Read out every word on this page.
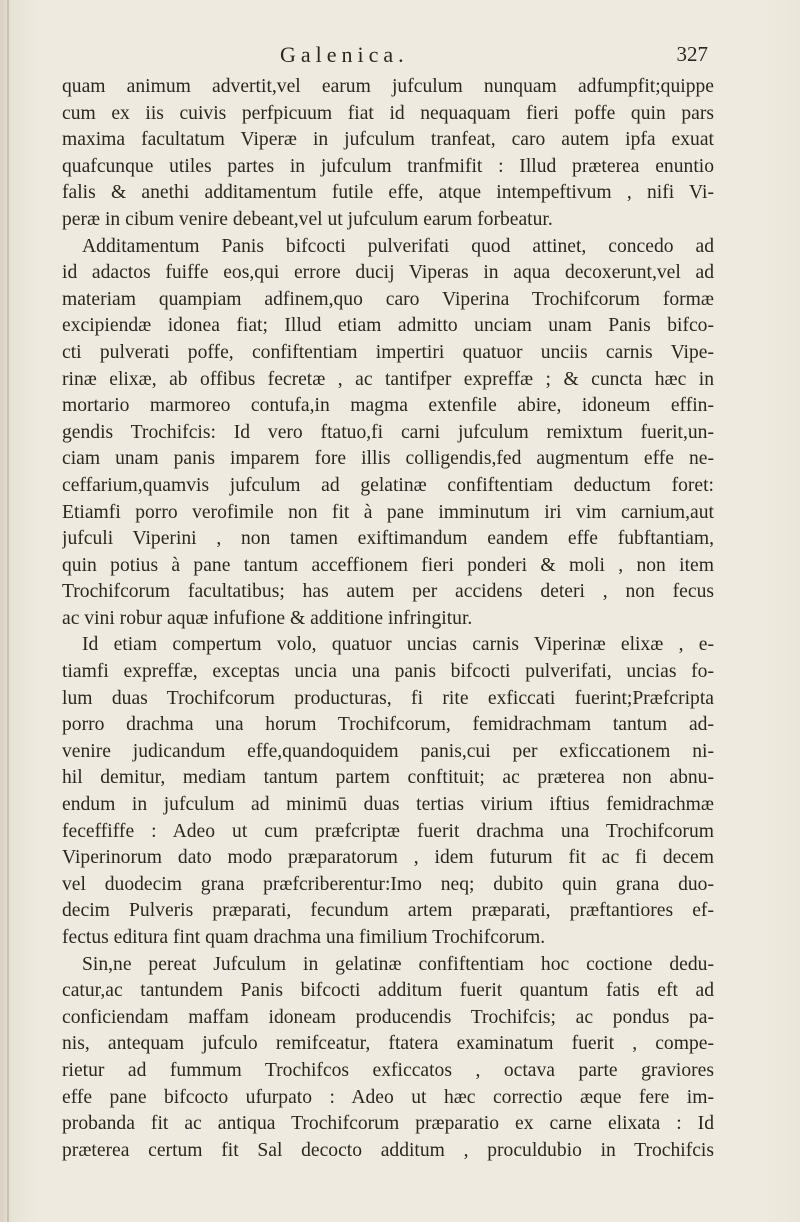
Galenica.	327
quam animum advertit,vel earum jufculum nunquam adfumpfit;quippe
cum ex iis cuivis perfpicuum fiat id nequaquam fieri poffe quin pars
maxima facultatum Viperæ in jufculum tranfeat, caro autem ipfa exuat
quafcunque utiles partes in jufculum tranfmifit : Illud præterea enuntio
falis & anethi additamentum futile effe, atque intempeftivum , nifi Vi-
peræ in cibum venire debeant,vel ut jufculum earum forbeatur.
Additamentum Panis bifcocti pulverifati quod attinet, concedo ad
id adactos fuiffe eos,qui errore ducij Viperas in aqua decoxerunt,vel ad
materiam quampiam adfinem,quo caro Viperina Trochifcorum formæ
excipiendæ idonea fiat; Illud etiam admitto unciam unam Panis bifco-
cti pulverati poffe, confiftentiam impertiri quatuor unciis carnis Vipe-
rinæ elixæ, ab offibus fecretæ , ac tantifper expreffæ ; & cuncta hæc in
mortario marmoreo contufa,in magma extenfile abire, idoneum effin-
gendis Trochifcis: Id vero ftatuo,fi carni jufculum remixtum fuerit,un-
ciam unam panis imparem fore illis colligendis,fed augmentum effe ne-
ceffarium,quamvis jufculum ad gelatinæ confiftentiam deductum foret:
Etiamfi porro verofimile non fit à pane imminutum iri vim carnium,aut
jufculi Viperini , non tamen exiftimandum eandem effe fubftantiam,
quin potius à pane tantum acceffionem fieri ponderi & moli , non item
Trochifcorum facultatibus; has autem per accidens deteri , non fecus
ac vini robur aquæ infufione & additione infringitur.
Id etiam compertum volo, quatuor uncias carnis Viperinæ elixæ , e-
tiamfi expreffæ, exceptas uncia una panis bifcocti pulverifati, uncias fo-
lum duas Trochifcorum producturas, fi rite exficcati fuerint;Præfcripta
porro drachma una horum Trochifcorum, femidrachmam tantum ad-
venire judicandum effe,quandoquidem panis,cui per exficcationem ni-
hil demitur, mediam tantum partem conftituit; ac prætereа non abnu-
endum in jufculum ad minimū duas tertias virium iftius femidrachmæ
feceffiffe : Adeo ut cum præfcriptæ fuerit drachma una Trochifcorum
Viperinorum dato modo præparatorum , idem futurum fit ac fi decem
vel duodecim grana præfcriberentur:Imo neq; dubito quin grana duo-
decim Pulveris præparati, fecundum artem præparati, præftantiores ef-
fectus editura fint quam drachma una fimilium Trochifcorum.
Sin,ne pereat Jufculum in gelatinæ confiftentiam hoc coctione dedu-
catur,ac tantundem Panis bifcocti additum fuerit quantum fatis eft ad
conficiendam maffam idoneam producendis Trochifcis; ac pondus pa-
nis, antequam jufculo remifceatur, ftatera examinatum fuerit , compe-
rietur ad fummum Trochifcos exficcatos , octava parte graviores
effe pane bifcocto ufurpato : Adeo ut hæc correctio æque fere im-
probanda fit ac antiqua Trochifcorum præparatio ex carne elixata : Id
prætereа certum fit Sal decocto additum , proculdubio in Trochifcis
